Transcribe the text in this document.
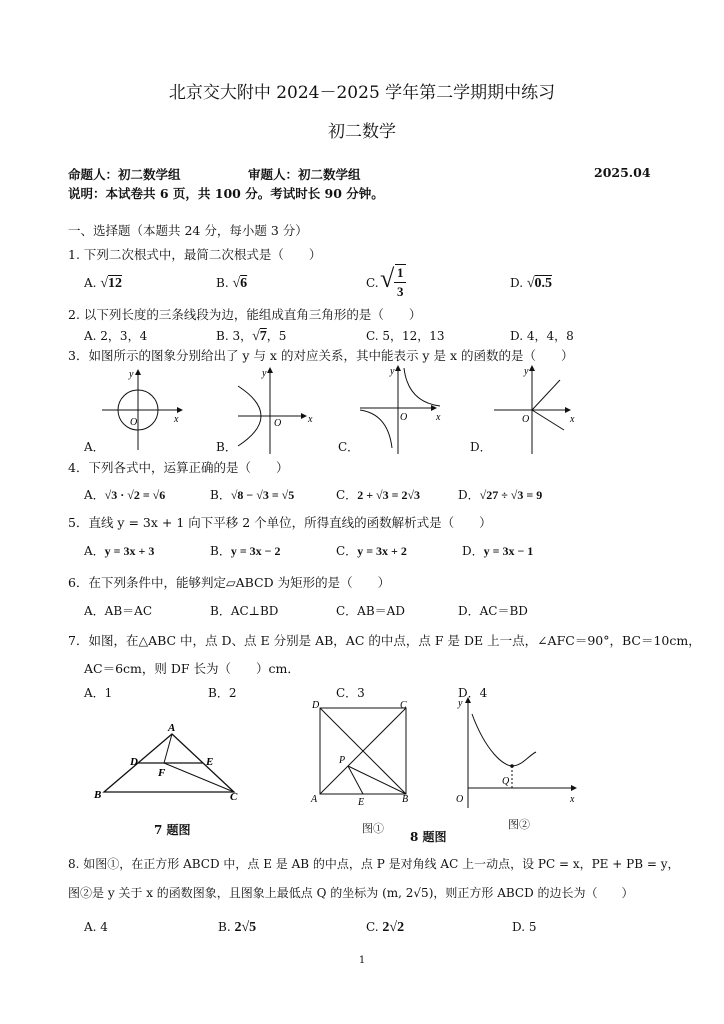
北京交大附中 2024－2025 学年第二学期期中练习
初二数学
命题人：初二数学组	审题人：初二数学组	2025.04
说明：本试卷共 6 页，共 100 分。考试时长 90 分钟。
一、选择题（本题共 24 分，每小题 3 分）
1. 下列二次根式中，最简二次根式是（　　）
A. √12	B. √6	C. √ 1
3
D. √0.5
2. 以下列长度的三条线段为边，能组成直角三角形的是（　　）
A. 2，3，4	B. 3，√7，5	C. 5，12，13	D. 4，4，8
3．如图所示的图象分别给出了 y 与 x 的对应关系，其中能表示 y 是 x 的函数的是（　　）
O	x
y
O	x
y
O	x
y
O	x
y
A．	B．	C．	D．
4．下列各式中，运算正确的是（　　）
A．√3 · √2 = √6	B．√8 − √3 = √5	C．2 + √3 = 2√3	D．√27 ÷ √3 = 9
5．直线 y = 3x + 1 向下平移 2 个单位，所得直线的函数解析式是（　　）
A．y = 3x + 3	B．y = 3x − 2	C．y = 3x + 2	D．y = 3x − 1
6．在下列条件中，能够判定▱ABCD 为矩形的是（　　）
A．AB＝AC	B．AC⊥BD	C．AB＝AD	D．AC＝BD
7．如图，在△ABC 中，点 D、点 E 分别是 AB，AC 的中点，点 F 是 DE 上一点，∠AFC＝90°，BC＝10cm，
AC＝6cm，则 DF 长为（　　）cm．
A．1	B．2	C．3	D．4
A
B	C
D	E
F
7 题图
D	C
A	B
E
P
图①
y
x
O
Q
图②
8 题图
8. 如图①，在正方形 ABCD 中，点 E 是 AB 的中点，点 P 是对角线 AC 上一动点，设 PC = x，PE + PB = y，
图②是 y 关于 x 的函数图象，且图象上最低点 Q 的坐标为 (m, 2√5)，则正方形 ABCD 的边长为（　　）
A. 4	B. 2√5	C. 2√2	D. 5
1
